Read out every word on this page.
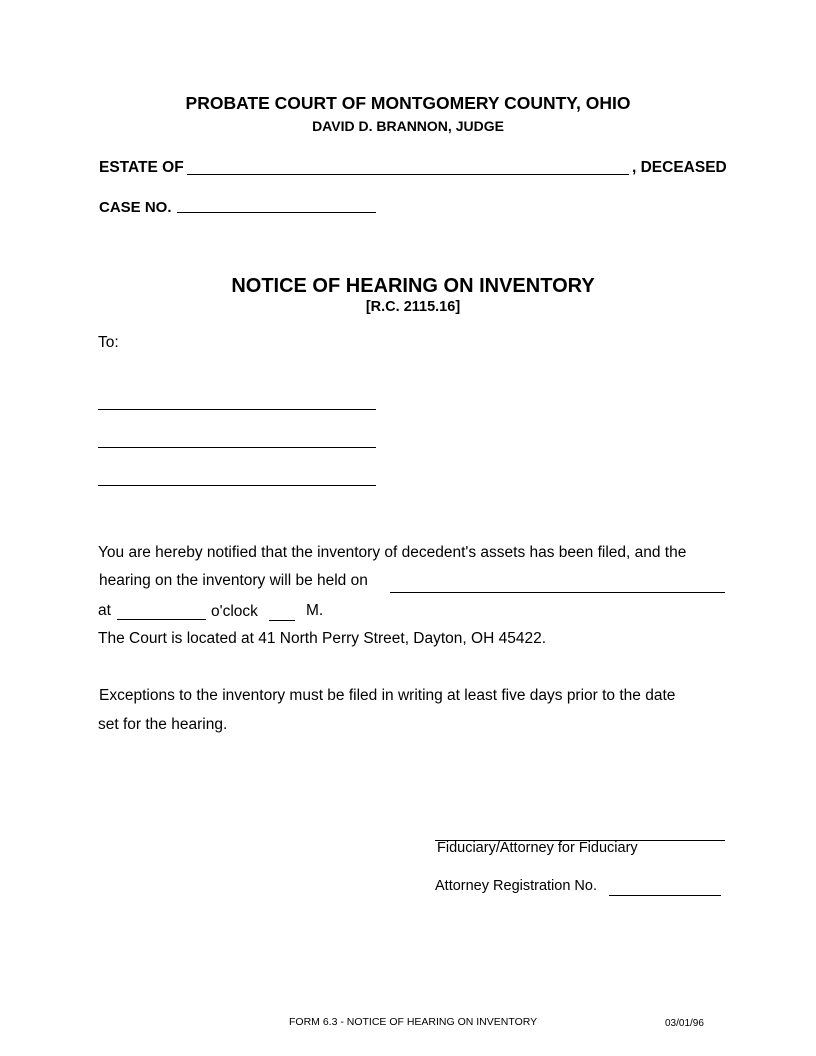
PROBATE COURT OF MONTGOMERY COUNTY, OHIO
DAVID D. BRANNON, JUDGE
ESTATE OF	, DECEASED
CASE NO.
NOTICE OF HEARING ON INVENTORY
[R.C. 2115.16]
To:
You are hereby notified that the inventory of decedent's assets has been filed, and the
hearing on the inventory will be held on
at	o'clock	M.
The Court is located at 41 North Perry Street, Dayton, OH 45422.
Exceptions to the inventory must be filed in writing at least five days prior to the date
set for the hearing.
Fiduciary/Attorney for Fiduciary
Attorney Registration No.
FORM 6.3 - NOTICE OF HEARING ON INVENTORY	03/01/96
